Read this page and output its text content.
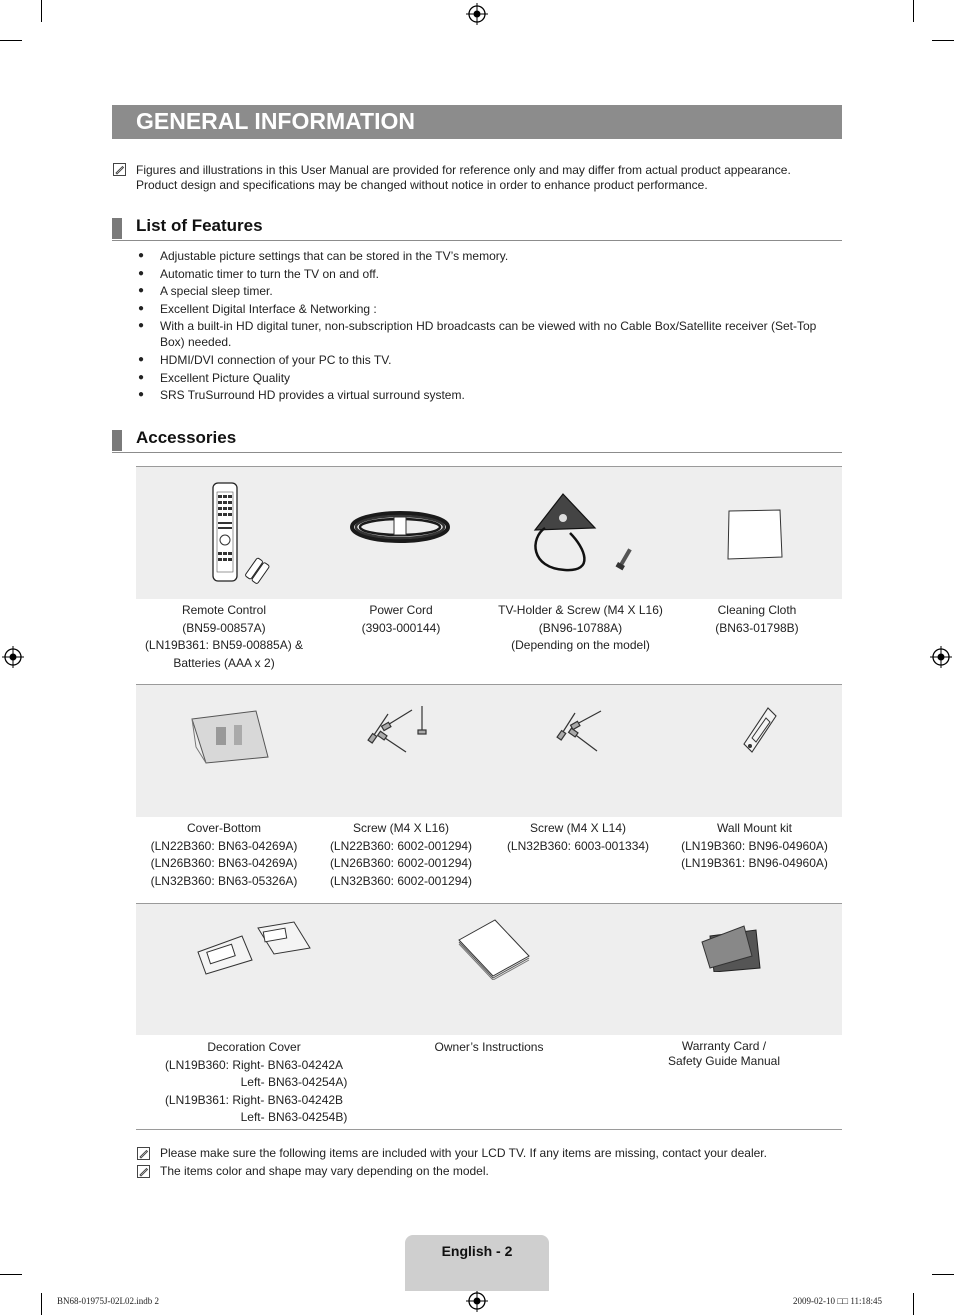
GENERAL INFORMATION
Figures and illustrations in this User Manual are provided for reference only and may differ from actual product appearance.
Product design and specifications may be changed without notice in order to enhance product performance.
List of Features
● Adjustable picture settings that can be stored in the TV’s memory.
● Automatic timer to turn the TV on and off.
● A special sleep timer.
● Excellent Digital Interface & Networking :
● With a built-in HD digital tuner, non-subscription HD broadcasts can be viewed with no Cable Box/Satellite receiver (Set-Top Box) needed.
● HDMI/DVI connection of your PC to this TV.
● Excellent Picture Quality
● SRS TruSurround HD provides a virtual surround system.
Accessories
Remote Control
(BN59-00857A)
(LN19B361: BN59-00885A) &
Batteries (AAA x 2)
Power Cord
(3903-000144)
TV-Holder & Screw (M4 X L16)
(BN96-10788A)
(Depending on the model)
Cleaning Cloth
(BN63-01798B)
Cover-Bottom
(LN22B360: BN63-04269A)
(LN26B360: BN63-04269A)
(LN32B360: BN63-05326A)
Screw (M4 X L16)
(LN22B360: 6002-001294)
(LN26B360: 6002-001294)
(LN32B360: 6002-001294)
Screw (M4 X L14)
(LN32B360: 6003-001334)
Wall Mount kit
(LN19B360: BN96-04960A)
(LN19B361: BN96-04960A)
Decoration Cover
(LN19B360: Right- BN63-04242A
Left- BN63-04254A)
(LN19B361: Right- BN63-04242B
Left- BN63-04254B)
Owner’s Instructions	Warranty Card /
Safety Guide Manual
Please make sure the following items are included with your LCD TV. If any items are missing, contact your dealer.
The items color and shape may vary depending on the model.
English - 2
BN68-01975J-02L02.indb 2	2009-02-10 □□ 11:18:45
